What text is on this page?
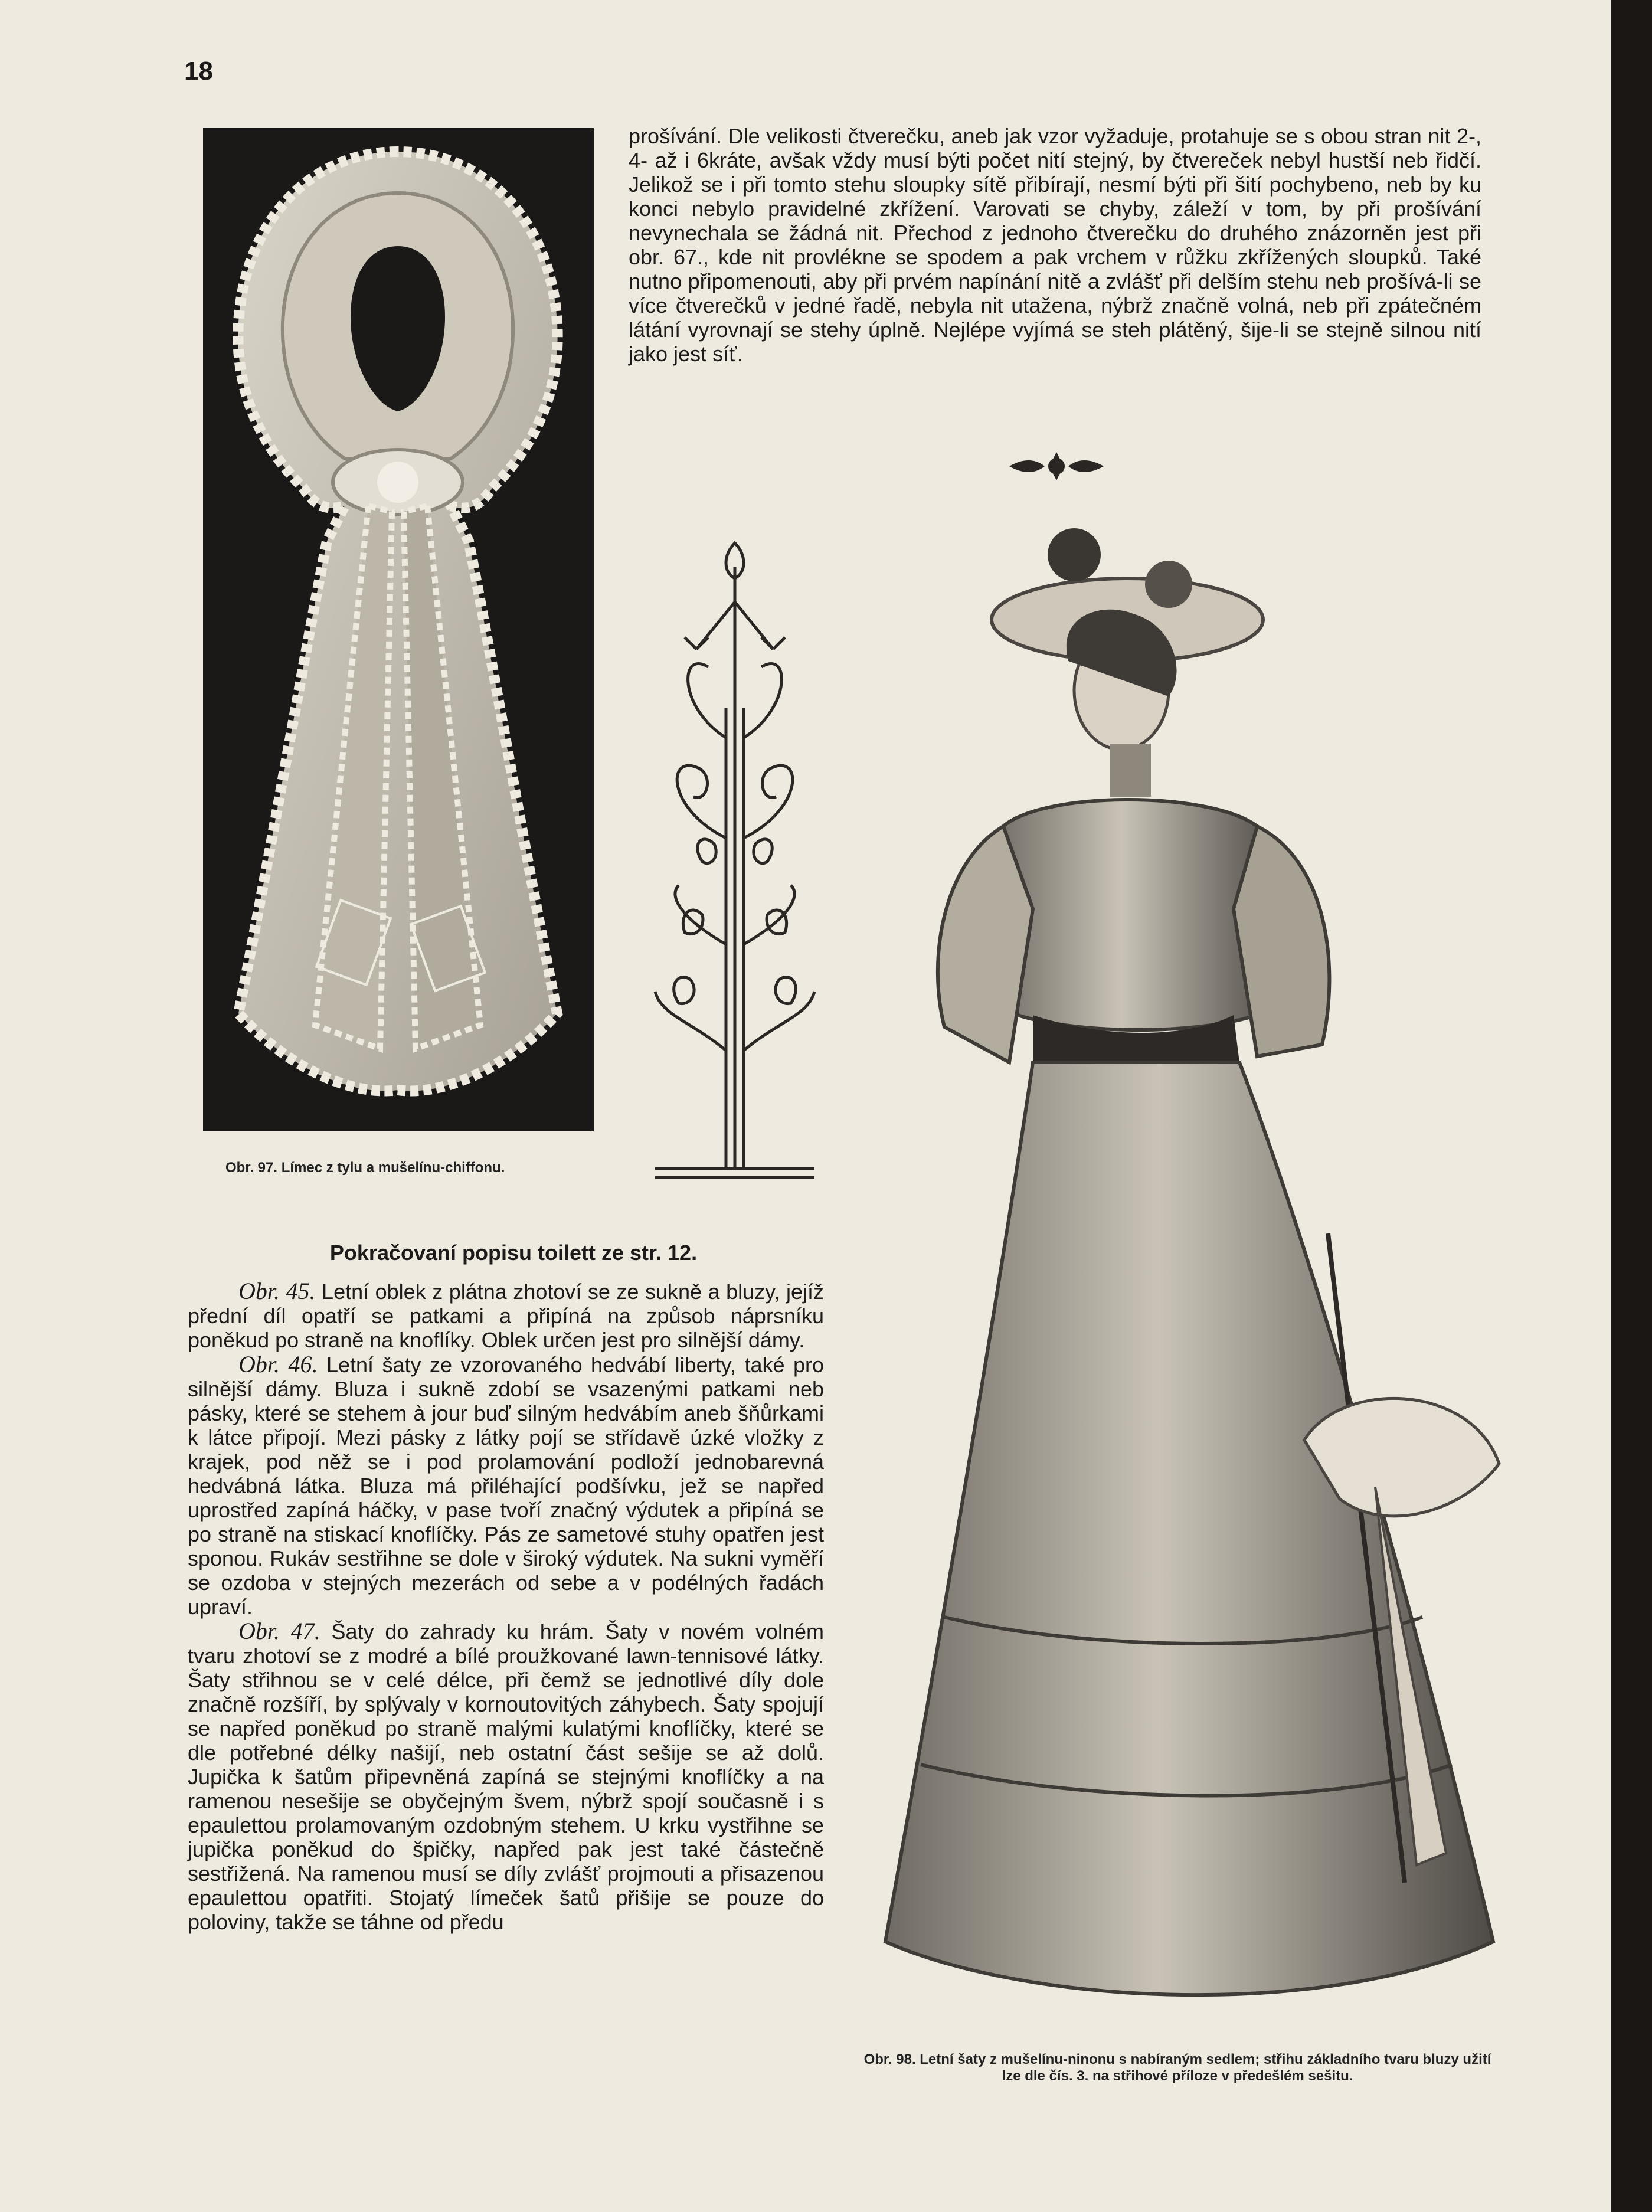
18
Obr. 97. Límec z tylu a mušelínu-chiffonu.

prošívání. Dle velikosti čtverečku, aneb jak vzor vyžaduje, protahuje se s obou stran nit 2-, 4- až i 6kráte, avšak vždy musí býti počet nití stejný, by čtvereček nebyl hustší neb řidčí. Jelikož se i při tomto stehu sloupky sítě přibírají, nesmí býti při šití pochybeno, neb by ku konci nebylo pravidelné zkřížení. Varovati se chyby, záleží v tom, by při prošívání nevynechala se žádná nit. Přechod z jednoho čtverečku do druhého znázorněn jest při obr. 67., kde nit provlékne se spodem a pak vrchem v růžku zkřížených sloupků. Také nutno připomenouti, aby při prvém napínání nitě a zvlášť při delším stehu neb prošívá-li se více čtverečků v jedné řadě, nebyla nit utažena, nýbrž značně volná, neb při zpátečném látání vyrovnají se stehy úplně. Nejlépe vyjímá se steh plátěný, šije-li se stejně silnou nití jako jest síť.

Obr. 98. Letní šaty z mušelínu-ninonu s nabíraným sedlem; střihu základního tvaru bluzy užití lze dle čís. 3. na střihové příloze v předešlém sešitu.
Pokračovaní popisu toilett ze str. 12.

Obr. 45. Letní oblek z plátna zhotoví se ze sukně a bluzy, jejíž přední díl opatří se patkami a připíná na způsob náprsníku poněkud po straně na knoflíky. Oblek určen jest pro silnější dámy.

Obr. 46. Letní šaty ze vzorovaného hedvábí liberty, také pro silnější dámy. Bluza i sukně zdobí se vsazenými patkami neb pásky, které se stehem à jour buď silným hedvábím aneb šňůrkami k látce připojí. Mezi pásky z látky pojí se střídavě úzké vložky z krajek, pod něž se i pod prolamování podloží jednobarevná hedvábná látka. Bluza má přiléhající podšívku, jež se napřed uprostřed zapíná háčky, v pase tvoří značný výdutek a připíná se po straně na stiskací knoflíčky. Pás ze sametové stuhy opatřen jest sponou. Rukáv sestřihne se dole v široký výdutek. Na sukni vyměří se ozdoba v stejných mezerách od sebe a v podélných řadách upraví.

Obr. 47. Šaty do zahrady ku hrám. Šaty v novém volném tvaru zhotoví se z modré a bílé proužkované lawn-tennisové látky. Šaty střihnou se v celé délce, při čemž se jednotlivé díly dole značně rozšíří, by splývaly v kornoutovitých záhybech. Šaty spojují se napřed poněkud po straně malými kulatými knoflíčky, které se dle potřebné délky našijí, neb ostatní část sešije se až dolů. Jupička k šatům připevněná zapíná se stejnými knoflíčky a na ramenou nesešije se obyčejným švem, nýbrž spojí současně i s epaulettou prolamovaným ozdobným stehem. U krku vystřihne se jupička poněkud do špičky, napřed pak jest také částečně sestřižená. Na ramenou musí se díly zvlášť projmouti a přisazenou epaulettou opatřiti. Stojatý límeček šatů přišije se pouze do poloviny, takže se táhne od předu
